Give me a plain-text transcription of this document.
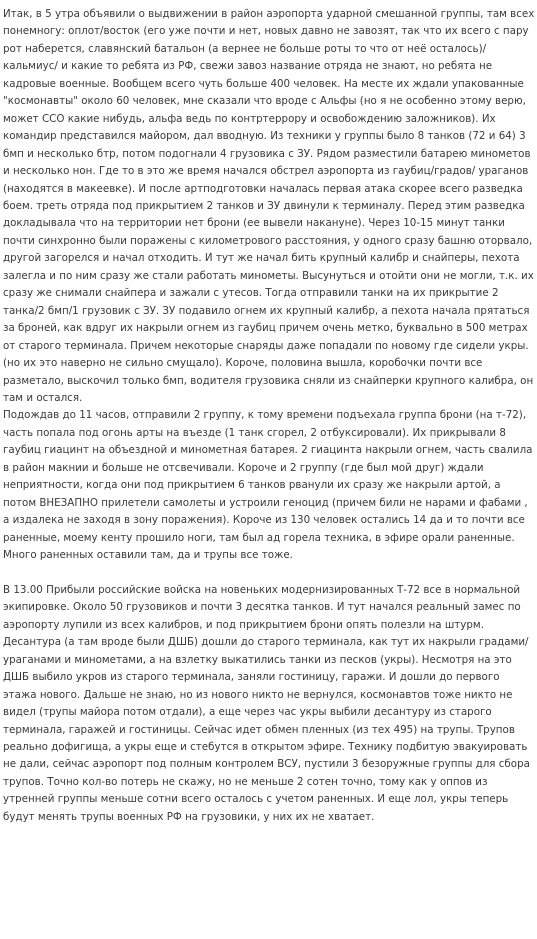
Итак, в 5 утра объявили о выдвижении в район аэропорта ударной смешанной группы, там всех понемногу: оплот/восток (его уже почти и нет, новых давно не завозят, так что их всего с пару рот наберется, славянский батальон (а вернее не больше роты то что от неё осталось)/кальмиус/ и какие то ребята из РФ, свежи завоз название отряда не знают, но ребята не кадровые военные. Вообщем всего чуть больше 400 человек. На месте их ждали упакованные "космонавты" около 60 человек, мне сказали что вроде с Альфы (но я не особенно этому верю, может ССО какие нибудь, альфа ведь по контртеррору и освобождению заложников). Их командир представился майором, дал вводную. Из техники у группы было 8 танков (72 и 64) 3 бмп и несколько бтр, потом подогнали 4 грузовика с ЗУ. Рядом разместили батарею минометов и несколько нон. Где то в это же время начался обстрел аэропорта из гаубиц/градов/ ураганов (находятся в макеевке). И после артподготовки началась первая атака скорее всего разведка боем. треть отряда под прикрытием 2 танков и ЗУ двинули к терминалу. Перед этим разведка докладывала что на территории нет брони (ее вывели накануне). Через 10-15 минут танки почти синхронно были поражены с километрового расстояния, у одного сразу башню оторвало, другой загорелся и начал отходить. И тут же начал бить крупный калибр и снайперы, пехота залегла и по ним сразу же стали работать минометы. Высунуться и отойти они не могли, т.к. их сразу же снимали снайпера и зажали с утесов. Тогда отправили танки на их прикрытие 2 танка/2 бмп/1 грузовик с ЗУ. ЗУ подавило огнем их крупный калибр, а пехота начала прятаться за броней, как вдруг их накрыли огнем из гаубиц причем очень метко, буквально в 500 метрах от старого терминала. Причем некоторые снаряды даже попадали по новому где сидели укры. (но их это наверно не сильно смущало). Короче, половина вышла, коробочки почти все разметало, выскочил только бмп, водителя грузовика сняли из снайперки крупного калибра, он там и остался.

Подождав до 11 часов, отправили 2 группу, к тому времени подъехала группа брони (на т-72), часть попала под огонь арты на въезде (1 танк сгорел, 2 отбуксировали). Их прикрывали 8 гаубиц гиацинт на объездной и минометная батарея. 2 гиацинта накрыли огнем, часть свалила в район макнии и больше не отсвечивали. Короче и 2 группу (где был мой друг) ждали неприятности, когда они под прикрытием 6 танков рванули их сразу же накрыли артой, а потом ВНЕЗАПНО прилетели самолеты и устроили геноцид (причем били не нарами и фабами , а издалека не заходя в зону поражения). Короче из 130 человек остались 14 да и то почти все раненные, моему кенту прошило ноги, там был ад горела техника, в эфире орали раненные. Много раненных оставили там, да и трупы все тоже.

В 13.00 Прибыли российские войска на новеньких модернизированных Т-72 все в нормальной экипировке. Около 50 грузовиков и почти 3 десятка танков. И тут начался реальный замес по аэропорту лупили из всех калибров, и под прикрытием брони опять полезли на штурм. Десантура (а там вроде были ДШБ) дошли до старого терминала, как тут их накрыли градами/ураганами и минометами, а на взлетку выкатились танки из песков (укры). Несмотря на это ДШБ выбило укров из старого терминала, заняли гостиницу, гаражи. И дошли до первого этажа нового. Дальше не знаю, но из нового никто не вернулся, космонавтов тоже никто не видел (трупы майора потом отдали), а еще через час укры выбили десантуру из старого терминала, гаражей и гостиницы. Сейчас идет обмен пленных (из тех 495) на трупы. Трупов реально дофигища, а укры еще и стебутся в открытом эфире. Технику подбитую эвакуировать не дали, сейчас аэропорт под полным контролем ВСУ, пустили 3 безоружные группы для сбора трупов. Точно кол-во потерь не скажу, но не меньше 2 сотен точно, тому как у оппов из утренней группы меньше сотни всего осталось с учетом раненных. И еще лол, укры теперь будут менять трупы военных РФ на грузовики, у них их не хватает.
